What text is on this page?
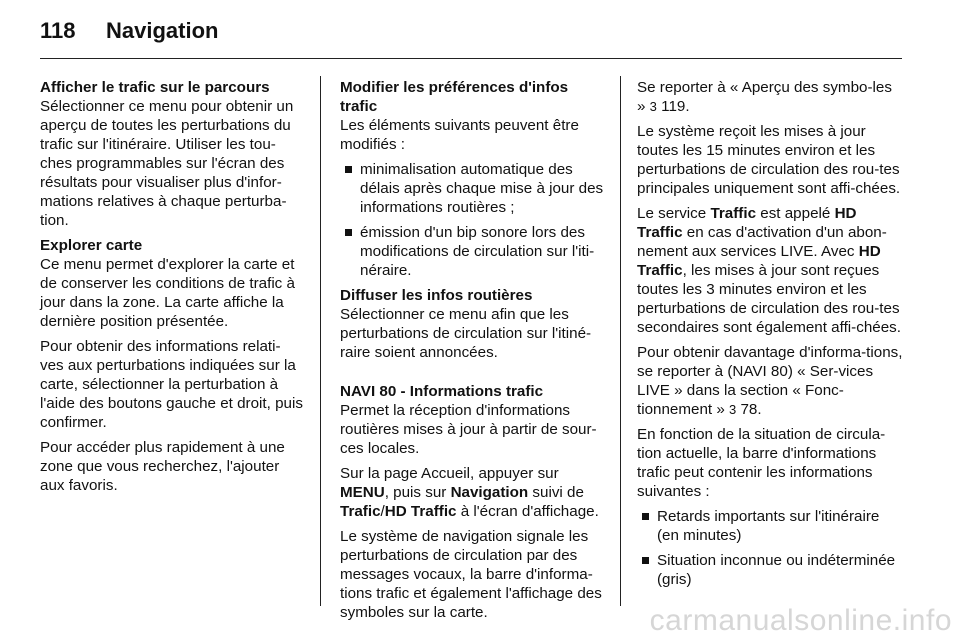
118	Navigation
Afficher le trafic sur le parcours

Sélectionner ce menu pour obtenir un aperçu de toutes les perturbations du trafic sur l'itinéraire. Utiliser les tou-ches programmables sur l'écran des résultats pour visualiser plus d'infor-mations relatives à chaque perturba-tion.

Explorer carte

Ce menu permet d'explorer la carte et de conserver les conditions de trafic à jour dans la zone. La carte affiche la dernière position présentée.

Pour obtenir des informations relati-ves aux perturbations indiquées sur la carte, sélectionner la perturbation à l'aide des boutons gauche et droit, puis confirmer.

Pour accéder plus rapidement à une zone que vous recherchez, l'ajouter aux favoris.

Modifier les préférences d'infos trafic

Les éléments suivants peuvent être modifiés :

minimalisation automatique des délais après chaque mise à jour des informations routières ;
émission d'un bip sonore lors des modifications de circulation sur l'iti-néraire.
Diffuser les infos routières

Sélectionner ce menu afin que les perturbations de circulation sur l'itiné-raire soient annoncées.

NAVI 80 - Informations trafic

Permet la réception d'informations routières mises à jour à partir de sour-ces locales.

Sur la page Accueil, appuyer sur MENU, puis sur Navigation suivi de Trafic/HD Traffic à l'écran d'affichage.

Le système de navigation signale les perturbations de circulation par des messages vocaux, la barre d'informa-tions trafic et également l'affichage des symboles sur la carte.

Se reporter à « Aperçu des symbo-les » 3 119.

Le système reçoit les mises à jour toutes les 15 minutes environ et les perturbations de circulation des rou-tes principales uniquement sont affi-chées.

Le service Traffic est appelé HD Traffic en cas d'activation d'un abon-nement aux services LIVE. Avec HD Traffic, les mises à jour sont reçues toutes les 3 minutes environ et les perturbations de circulation des rou-tes secondaires sont également affi-chées.

Pour obtenir davantage d'informa-tions, se reporter à (NAVI 80) « Ser-vices LIVE » dans la section « Fonc-tionnement » 3 78.

En fonction de la situation de circula-tion actuelle, la barre d'informations trafic peut contenir les informations suivantes :

Retards importants sur l'itinéraire (en minutes)
Situation inconnue ou indéterminée (gris)
carmanualsonline.info
